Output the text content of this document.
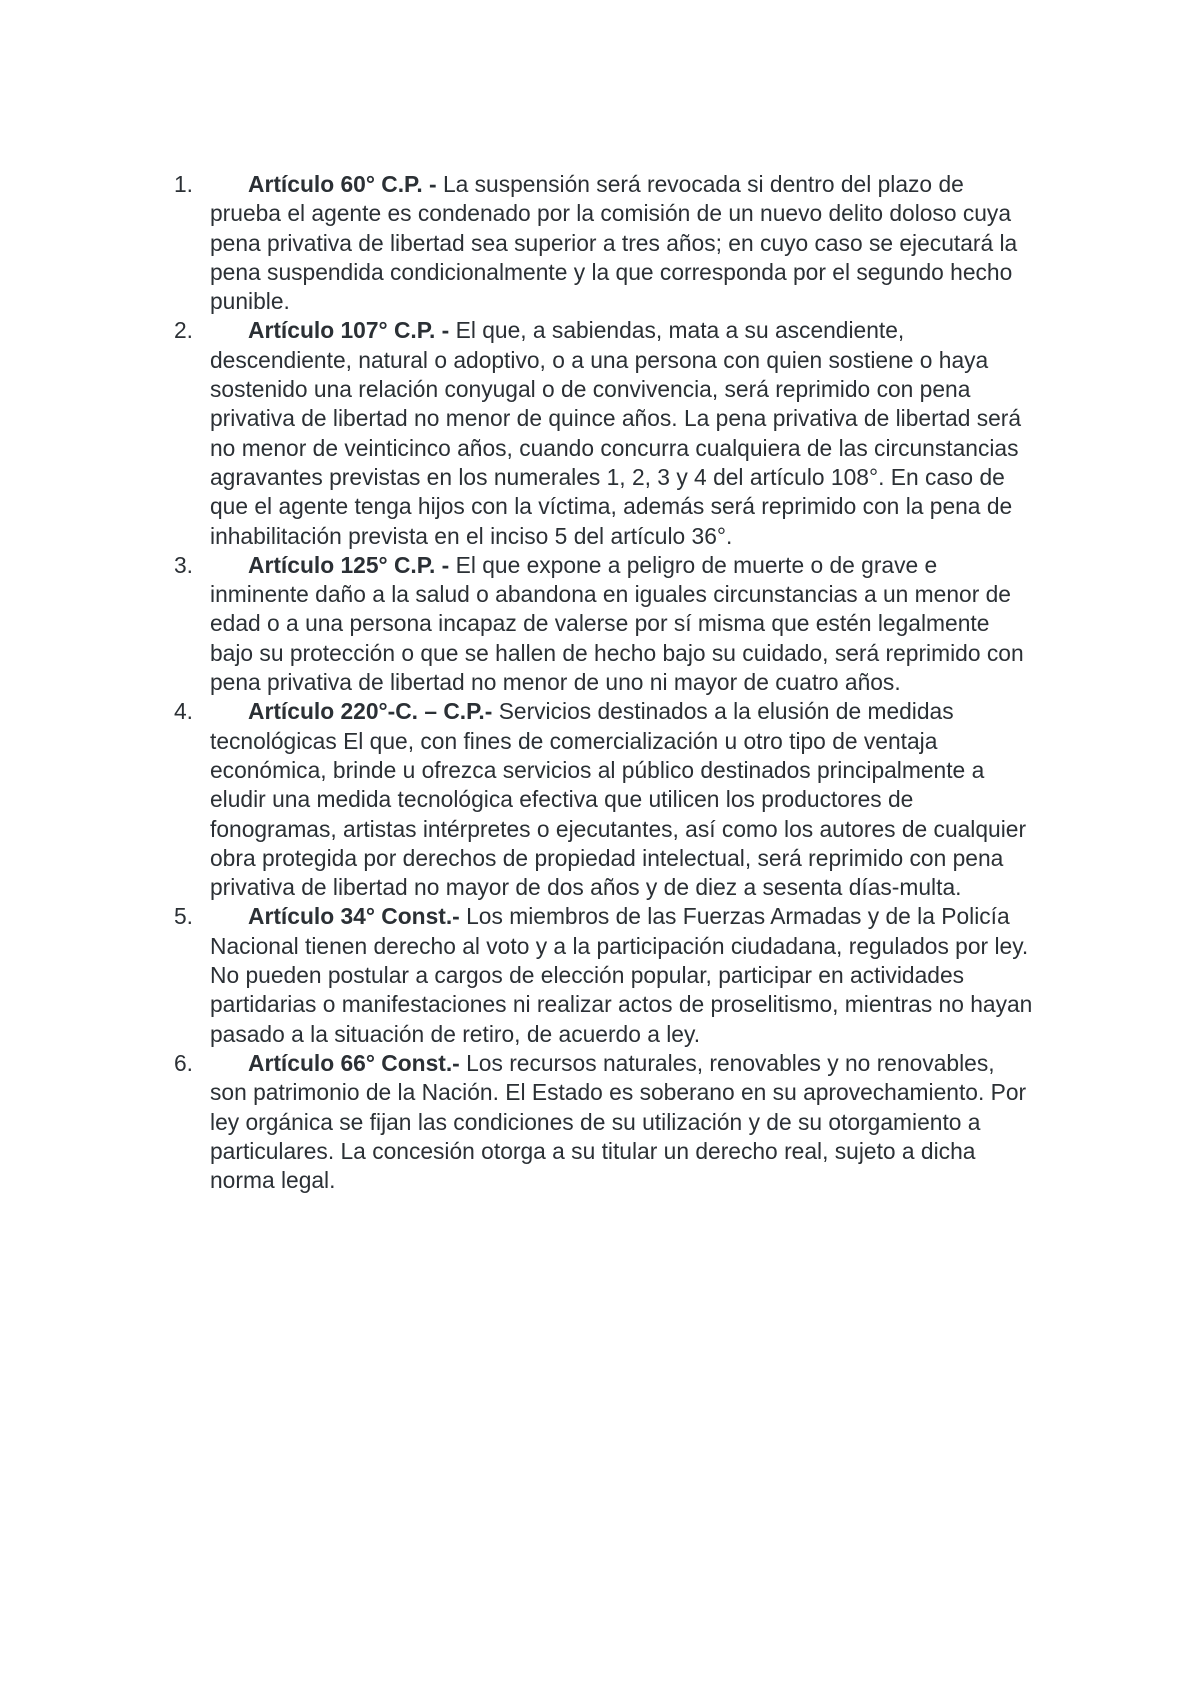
1.	Artículo 60° C.P. - La suspensión será revocada si dentro del plazo de prueba el agente es condenado por la comisión de un nuevo delito doloso cuya pena privativa de libertad sea superior a tres años; en cuyo caso se ejecutará la pena suspendida condicionalmente y la que corresponda por el segundo hecho punible.
2.	Artículo 107° C.P. - El que, a sabiendas, mata a su ascendiente, descendiente, natural o adoptivo, o a una persona con quien sostiene o haya sostenido una relación conyugal o de convivencia, será reprimido con pena privativa de libertad no menor de quince años. La pena privativa de libertad será no menor de veinticinco años, cuando concurra cualquiera de las circunstancias agravantes previstas en los numerales 1, 2, 3 y 4 del artículo 108°. En caso de que el agente tenga hijos con la víctima, además será reprimido con la pena de inhabilitación prevista en el inciso 5 del artículo 36°.
3.	Artículo 125° C.P. - El que expone a peligro de muerte o de grave e inminente daño a la salud o abandona en iguales circunstancias a un menor de edad o a una persona incapaz de valerse por sí misma que estén legalmente bajo su protección o que se hallen de hecho bajo su cuidado, será reprimido con pena privativa de libertad no menor de uno ni mayor de cuatro años.
4.	Artículo 220°-C. – C.P.- Servicios destinados a la elusión de medidas tecnológicas El que, con fines de comercialización u otro tipo de ventaja económica, brinde u ofrezca servicios al público destinados principalmente a eludir una medida tecnológica efectiva que utilicen los productores de fonogramas, artistas intérpretes o ejecutantes, así como los autores de cualquier obra protegida por derechos de propiedad intelectual, será reprimido con pena privativa de libertad no mayor de dos años y de diez a sesenta días-multa.
5.	Artículo 34° Const.- Los miembros de las Fuerzas Armadas y de la Policía Nacional tienen derecho al voto y a la participación ciudadana, regulados por ley. No pueden postular a cargos de elección popular, participar en actividades partidarias o manifestaciones ni realizar actos de proselitismo, mientras no hayan pasado a la situación de retiro, de acuerdo a ley.
6.	Artículo 66° Const.- Los recursos naturales, renovables y no renovables, son patrimonio de la Nación. El Estado es soberano en su aprovechamiento. Por ley orgánica se fijan las condiciones de su utilización y de su otorgamiento a particulares. La concesión otorga a su titular un derecho real, sujeto a dicha norma legal.
